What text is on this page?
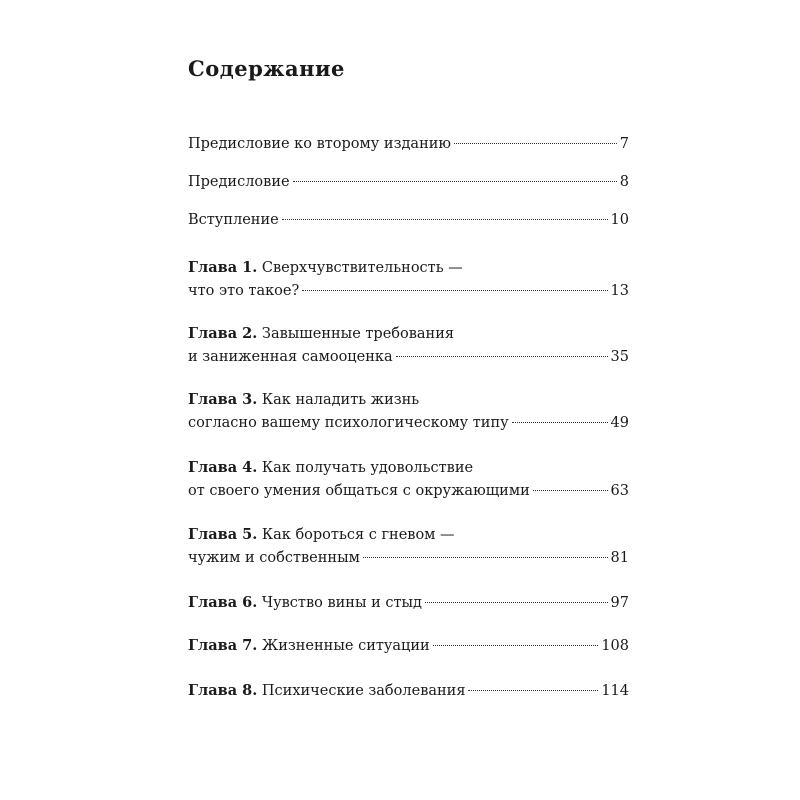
Содержание
Предисловие ко второму изданию	7
Предисловие	8
Вступление	10
Глава 1. Сверхчувствительность —
что это такое?	13
Глава 2. Завышенные требования
и заниженная самооценка	35
Глава 3. Как наладить жизнь
согласно вашему психологическому типу	49
Глава 4. Как получать удовольствие
от своего умения общаться с окружающими	63
Глава 5. Как бороться с гневом —
чужим и собственным	81
Глава 6. Чувство вины и стыд	97
Глава 7. Жизненные ситуации	108
Глава 8. Психические заболевания	114
